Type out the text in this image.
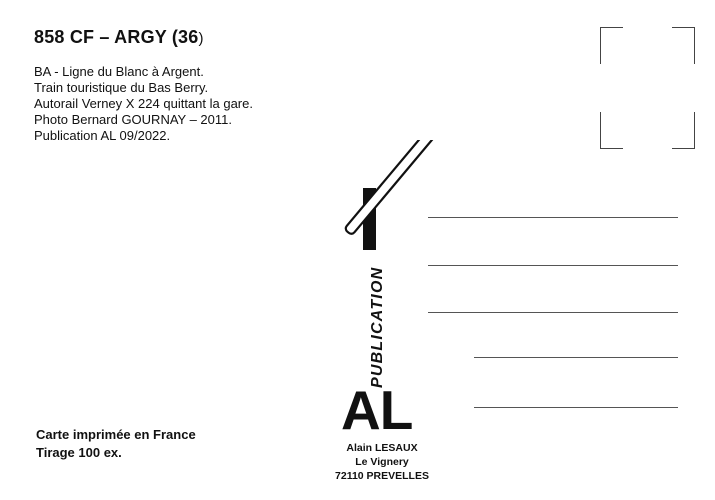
858 CF – ARGY (36)
BA - Ligne du Blanc à Argent.
Train touristique du Bas Berry.
Autorail Verney X 224 quittant la gare.
Photo Bernard GOURNAY – 2011.
Publication AL 09/2022.
Carte imprimée en France
Tirage 100 ex.
PUBLICATION
AL
Alain LESAUX
Le Vignery
72110 PREVELLES
